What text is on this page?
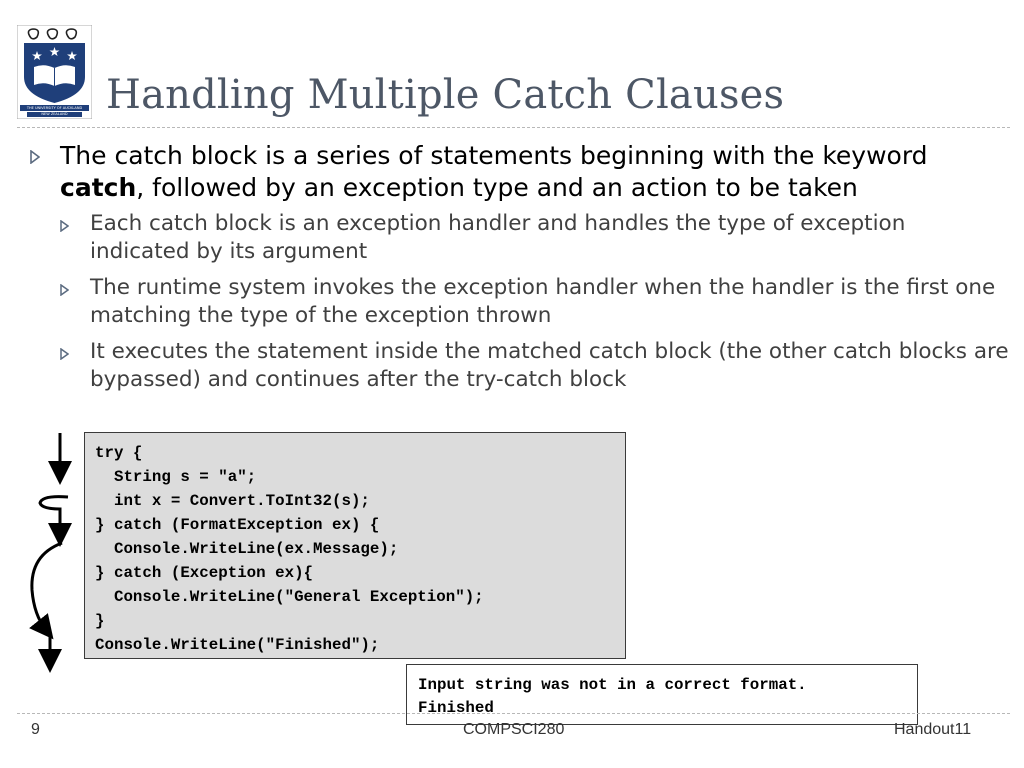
THE UNIVERSITY OF AUCKLAND
NEW ZEALAND Handling Multiple Catch Clauses
The catch block is a series of statements beginning with the keyword catch, followed by an exception type and an action to be taken
Each catch block is an exception handler and handles the type of exception indicated by its argument
The runtime system invokes the exception handler when the handler is the first one matching the type of the exception thrown
It executes the statement inside the matched catch block (the other catch blocks are bypassed) and continues after the try-catch block
try {
String s = "a";
int x = Convert.ToInt32(s);
} catch (FormatException ex) {
Console.WriteLine(ex.Message);
} catch (Exception ex){
Console.WriteLine("General Exception");
}
Console.WriteLine("Finished");
Input string was not in a correct format.
Finished
9	COMPSCI280	Handout11
